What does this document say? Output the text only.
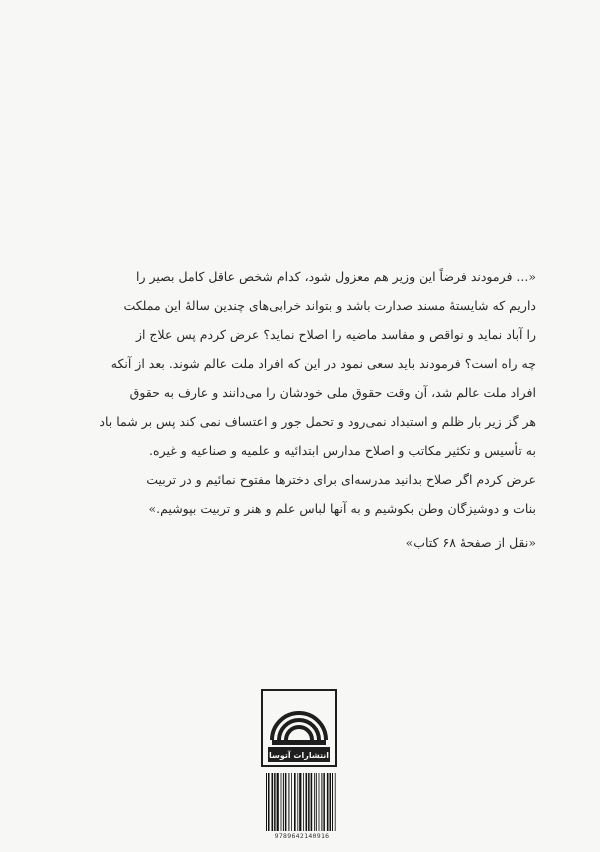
«... فرمودند فرضاً این وزیر هم معزول شود، کدام شخص عاقل کامل بصیر را
داریم که شایستهٔ مسند صدارت باشد و بتواند خرابی‌های چندین سالهٔ این مملکت
را آباد نماید و نواقص و مفاسد ماضیه را اصلاح نماید؟ عرض کردم پس علاج از
چه راه است؟ فرمودند باید سعی نمود در این که افراد ملت عالم شوند. بعد از آنکه
افراد ملت عالم شد، آن وقت حقوق ملی خودشان را می‌دانند و عارف به حقوق
هر گز زیر بار ظلم و استبداد نمی‌رود و تحمل جور و اعتساف نمی کند پس بر شما باد
به تأسیس و تکثیر مکاتب و اصلاح مدارس ابتدائیه و علمیه و صناعیه و غیره.
عرض کردم اگر صلاح بدانید مدرسه‌ای برای دخترها مفتوح نمائیم و در تربیت
بنات و دوشیزگان وطن بکوشیم و به آنها لباس علم و هنر و تربیت بپوشیم.»
«نقل از صفحهٔ ۶۸ کتاب»
انتشارات آتوسا
9789642140916
